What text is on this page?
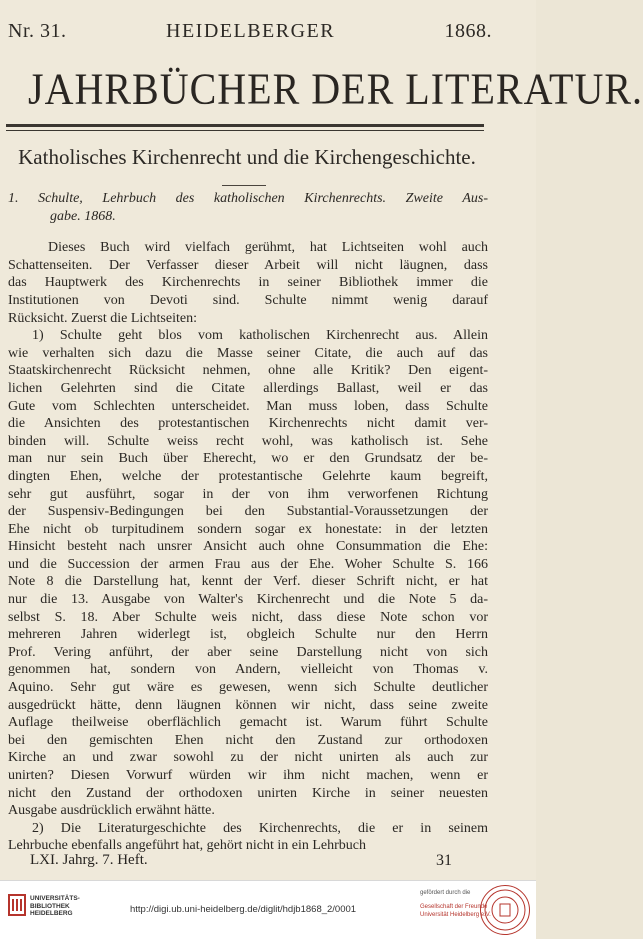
Nr. 31.	HEIDELBERGER	1868.
JAHRBÜCHER DER LITERATUR.
Katholisches Kirchenrecht und die Kirchengeschichte.

1. Schulte, Lehrbuch des katholischen Kirchenrechts. Zweite Aus-
gabe. 1868.

Dieses Buch wird vielfach gerühmt, hat Lichtseiten wohl auch
Schattenseiten. Der Verfasser dieser Arbeit will nicht läugnen, dass
das Hauptwerk des Kirchenrechts in seiner Bibliothek immer die
Institutionen von Devoti sind. Schulte nimmt wenig darauf
Rücksicht. Zuerst die Lichtseiten:
1) Schulte geht blos vom katholischen Kirchenrecht aus. Allein
wie verhalten sich dazu die Masse seiner Citate, die auch auf das
Staatskirchenrecht Rücksicht nehmen, ohne alle Kritik? Den eigent-
lichen Gelehrten sind die Citate allerdings Ballast, weil er das
Gute vom Schlechten unterscheidet. Man muss loben, dass Schulte
die Ansichten des protestantischen Kirchenrechts nicht damit ver-
binden will. Schulte weiss recht wohl, was katholisch ist. Sehe
man nur sein Buch über Eherecht, wo er den Grundsatz der be-
dingten Ehen, welche der protestantische Gelehrte kaum begreift,
sehr gut ausführt, sogar in der von ihm verworfenen Richtung
der Suspensiv-Bedingungen bei den Substantial-Voraussetzungen der
Ehe nicht ob turpitudinem sondern sogar ex honestate: in der letzten
Hinsicht besteht nach unsrer Ansicht auch ohne Consummation die Ehe:
und die Succession der armen Frau aus der Ehe. Woher Schulte S. 166
Note 8 die Darstellung hat, kennt der Verf. dieser Schrift nicht, er hat
nur die 13. Ausgabe von Walter's Kirchenrecht und die Note 5 da-
selbst S. 18. Aber Schulte weis nicht, dass diese Note schon vor
mehreren Jahren widerlegt ist, obgleich Schulte nur den Herrn
Prof. Vering anführt, der aber seine Darstellung nicht von sich
genommen hat, sondern von Andern, vielleicht von Thomas v.
Aquino. Sehr gut wäre es gewesen, wenn sich Schulte deutlicher
ausgedrückt hätte, denn läugnen können wir nicht, dass seine zweite
Auflage theilweise oberflächlich gemacht ist. Warum führt Schulte
bei den gemischten Ehen nicht den Zustand zur orthodoxen
Kirche an und zwar sowohl zu der nicht unirten als auch zur
unirten? Diesen Vorwurf würden wir ihm nicht machen, wenn er
nicht den Zustand der orthodoxen unirten Kirche in seiner neuesten
Ausgabe ausdrücklich erwähnt hätte.
2) Die Literaturgeschichte des Kirchenrechts, die er in seinem
Lehrbuche ebenfalls angeführt hat, gehört nicht in ein Lehrbuch
LXI. Jahrg. 7. Heft.	31
UNIVERSITÄTS-
BIBLIOTHEK
HEIDELBERG	http://digi.ub.uni-heidelberg.de/diglit/hdjb1868_2/0001
gefördert durch die
Gesellschaft der Freunde
Universität Heidelberg e.V.
